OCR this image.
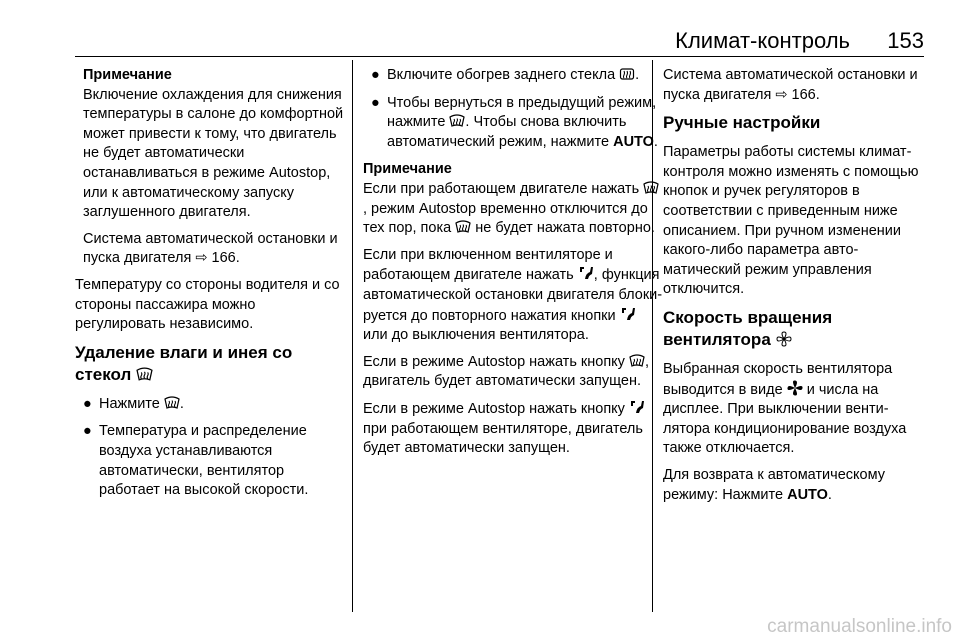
Климат-контроль 153

Примечание
Включение охлаждения для снижения температуры в салоне до комфортной может привести к тому, что двигатель не будет автоматически останавливаться в режиме Autostop, или к автоматическому запуску заглушенного двигателя.

Система автоматической остановки и пуска двигателя ⇨ 166.

Температуру со стороны водителя и со стороны пассажира можно регулировать независимо.

Удаление влаги и инея со стекол
● Нажмите .
● Температура и распределение воздуха устанавливаются автоматически, вентилятор работает на высокой скорости.
● Включите обогрев заднего стекла .
● Чтобы вернуться в предыдущий режим, нажмите . Чтобы снова включить автоматический режим, нажмите AUTO.

Примечание
Если при работающем двигателе нажать , режим Autostop временно отключится до тех пор, пока не будет нажата повторно.

Если при включенном вентиляторе и работающем двигателе нажать , функция автоматической остановки двигателя блокируется до повторного нажатия кнопки  или до выключения вентилятора.

Если в режиме Autostop нажать кнопку , двигатель будет автоматически запущен.

Если в режиме Autostop нажать кнопку  при работающем вентиляторе, двигатель будет автоматически запущен.

Система автоматической остановки и пуска двигателя ⇨ 166.

Ручные настройки

Параметры работы системы климат-контроля можно изменять с помощью кнопок и ручек регуляторов в соответствии с приведенным ниже описанием. При ручном изменении какого-либо параметра автоматический режим управления отключится.

Скорость вращения вентилятора

Выбранная скорость вентилятора выводится в виде и числа на дисплее. При выключении вентилятора кондиционирование воздуха также отключается.

Для возврата к автоматическому режиму: Нажмите AUTO.

carmanualsonline.info
